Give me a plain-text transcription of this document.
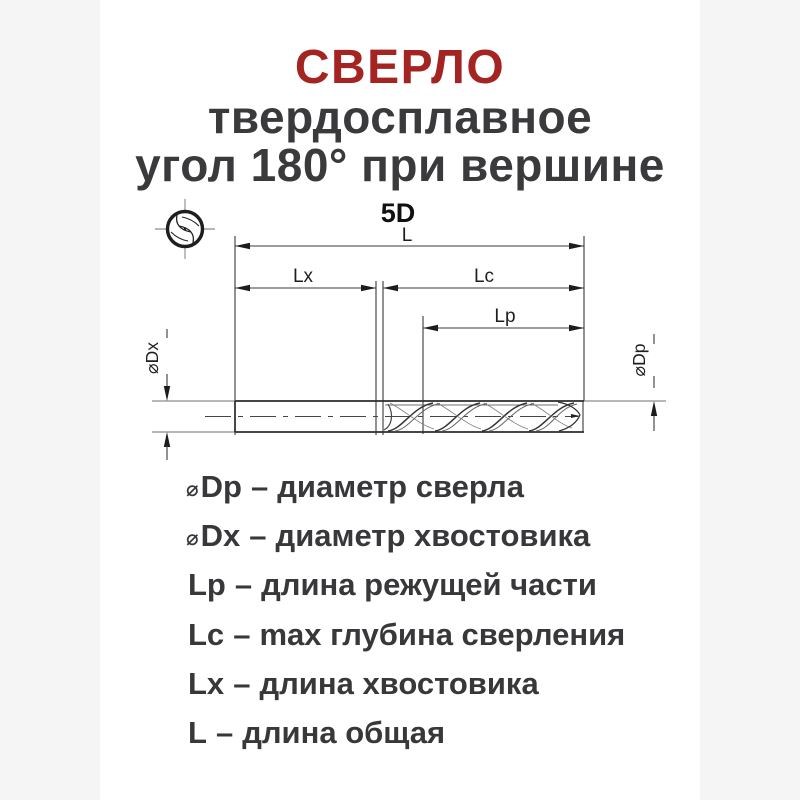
СВЕРЛО
твердосплавное
угол 180° при вершине
5D
L
Lx	Lc
Lp
⌀Dx	⌀Dp
⌀Dp – диаметр сверла
⌀Dx – диаметр хвостовика
Lp – длина режущей части
Lc – max глубина сверления
Lx – длина хвостовика
L – длина общая
